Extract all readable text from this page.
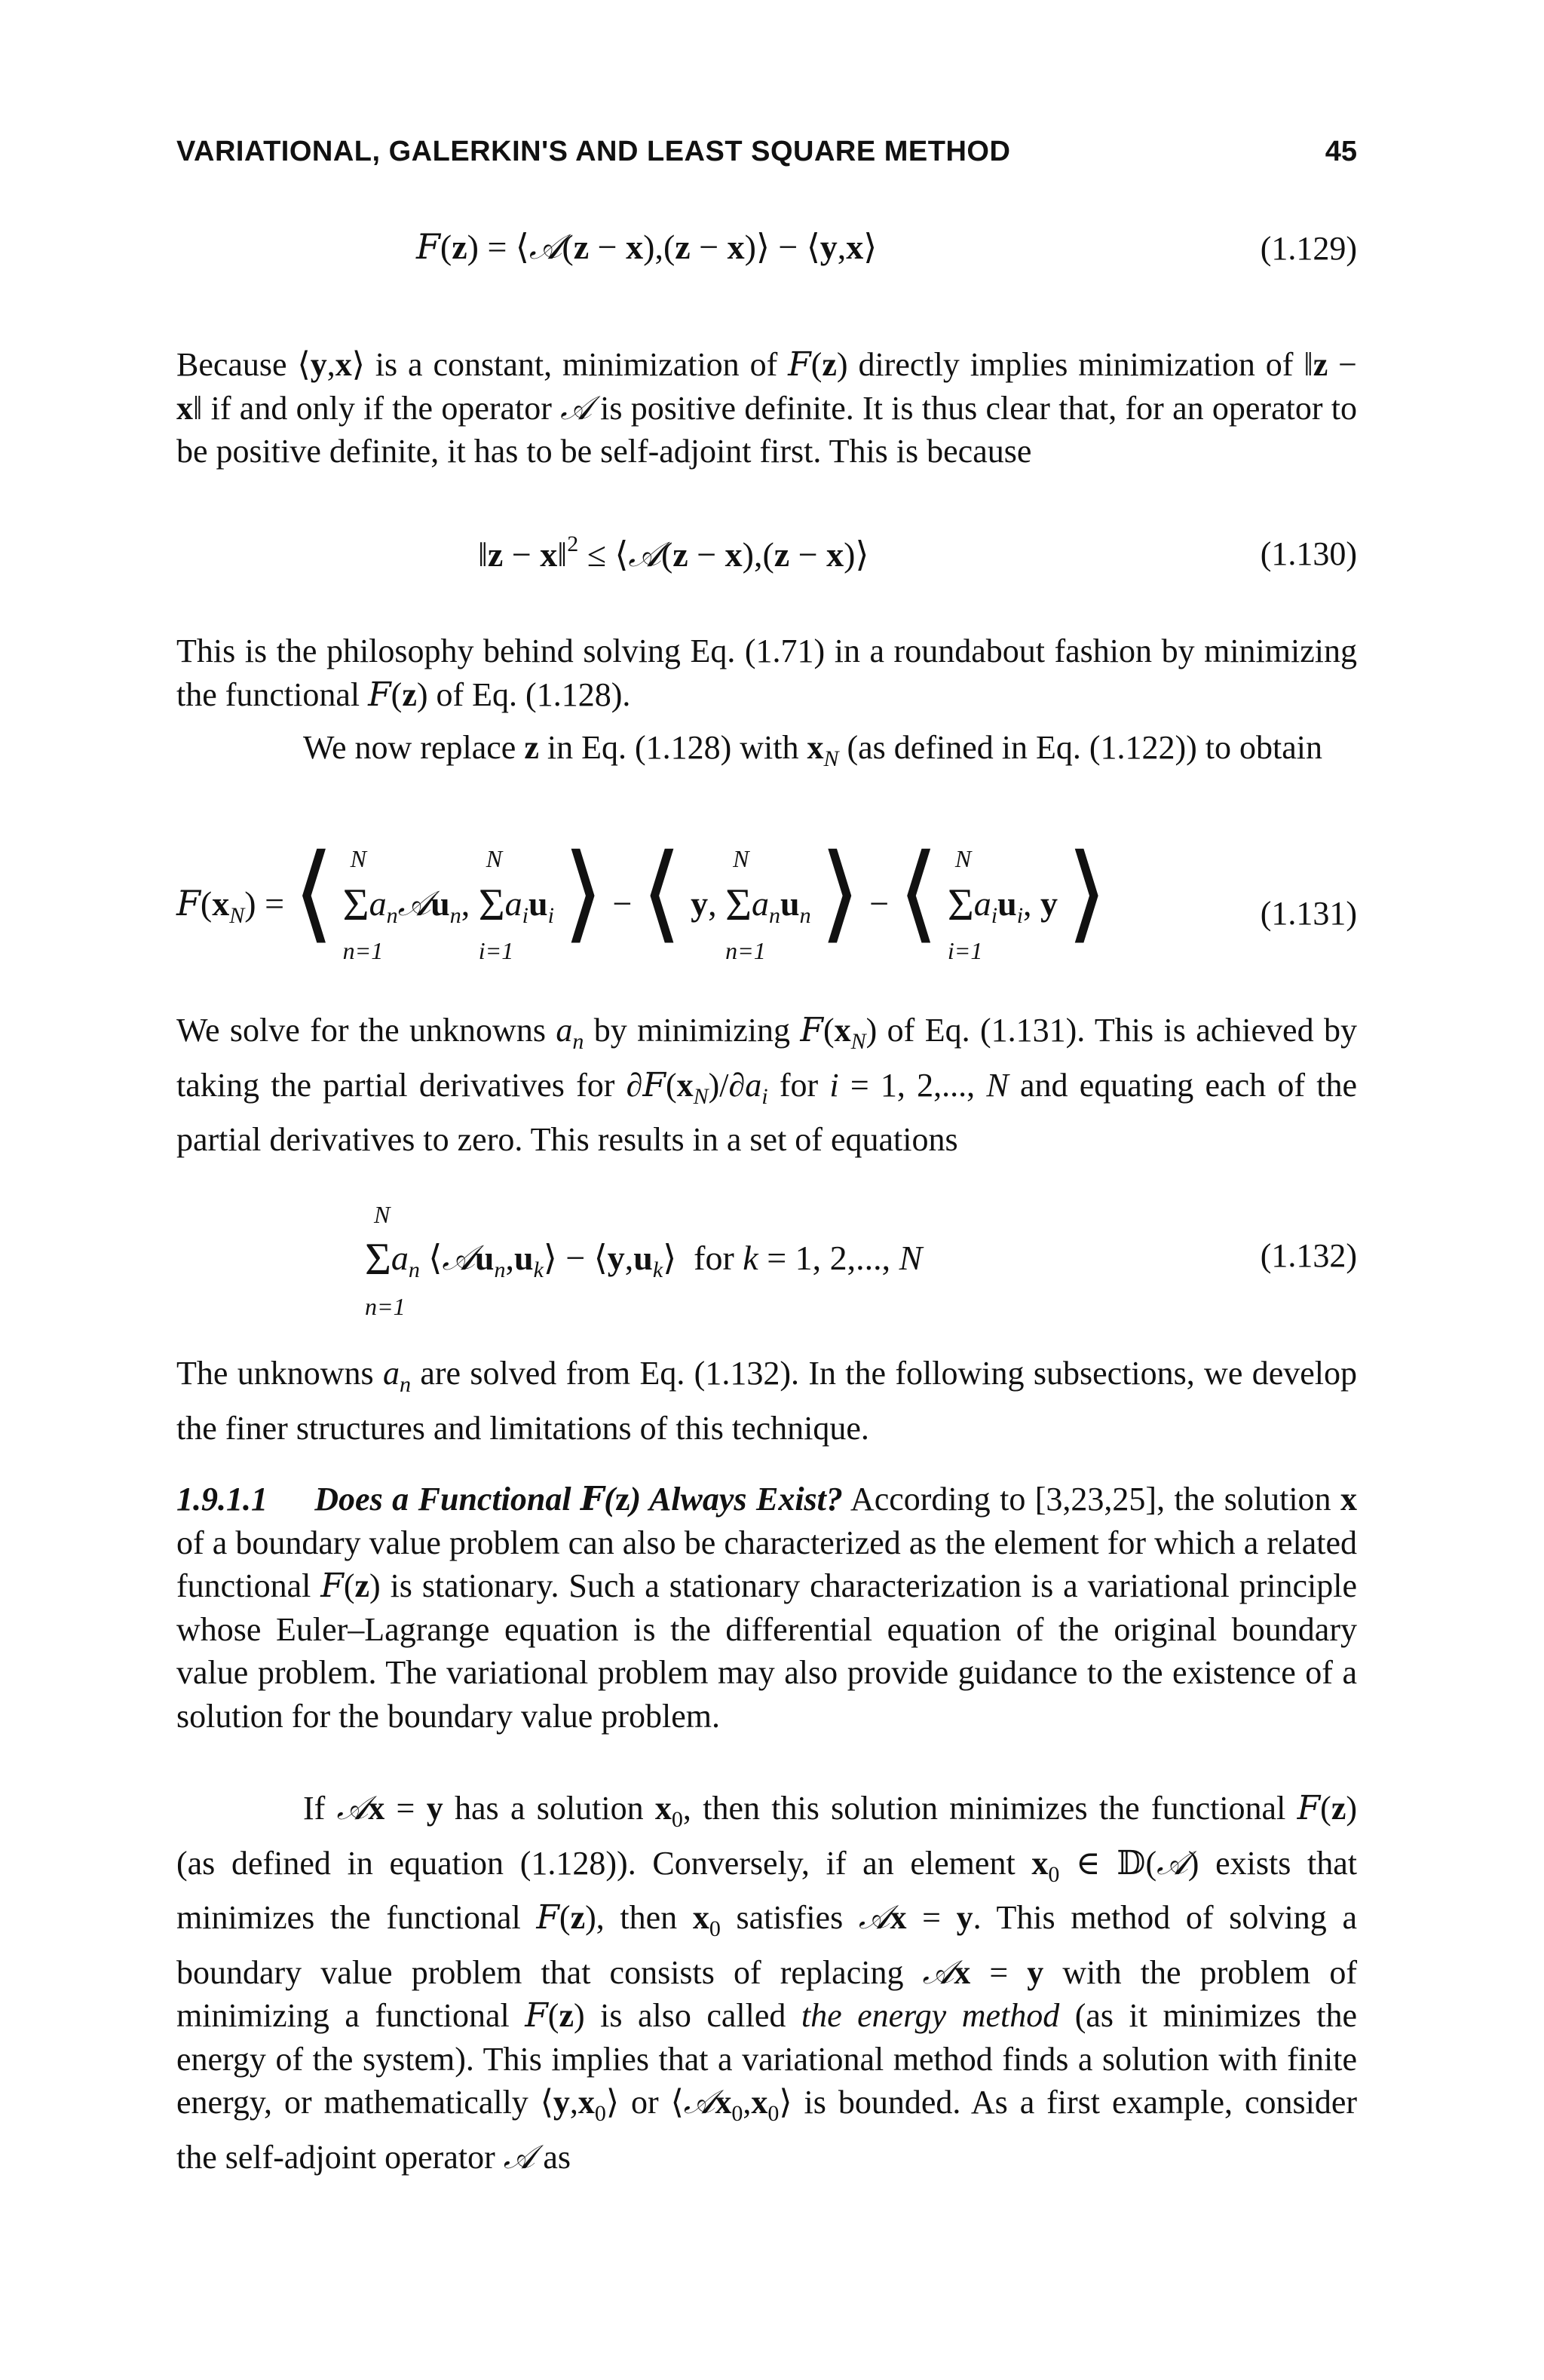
VARIATIONAL, GALERKIN'S AND LEAST SQUARE METHOD	45
F(z) = ⟨𝒜(z − x),(z − x)⟩ − ⟨y,x⟩	(1.129)

Because ⟨y,x⟩ is a constant, minimization of F(z) directly implies minimization of ‖z − x‖ if and only if the operator 𝒜 is positive definite. It is thus clear that, for an operator to be positive definite, it has to be self-adjoint first. This is because

‖z − x‖$^2$ ≤ ⟨𝒜(z − x),(z − x)⟩	(1.130)

This is the philosophy behind solving Eq. (1.71) in a roundabout fashion by minimizing the functional F(z) of Eq. (1.128).

We now replace z in Eq. (1.128) with $x_N$ (as defined in Eq. (1.122)) to obtain

$F(x_N)$ = ⟨ N
n=1
$\Sigma a_n𝒜u_n$,
N
i=1
$\Sigma a_iu_i$ ⟩ − ⟨ y,
N
n=1
$\Sigma a_nu_n$ ⟩ − ⟨ N
i=1
$\Sigma a_iu_i$, y ⟩	(1.131)

We solve for the unknowns $a_n$ by minimizing $F(x_N)$ of Eq. (1.131). This is achieved by taking the partial derivatives for $\partial F(x_N)/\partial a_i$ for i = 1, 2,..., N and equating each of the partial derivatives to zero. This results in a set of equations

N
n=1
$\Sigma a_n$ $⟨𝒜u_n,u_k⟩$ − $⟨y,u_k⟩$  for k = 1, 2,..., N	(1.132)

The unknowns $a_n$ are solved from Eq. (1.132). In the following subsections, we develop the finer structures and limitations of this technique.

1.9.1.1 Does a Functional F(z) Always Exist? According to [3,23,25], the solution x of a boundary value problem can also be characterized as the element for which a related functional F(z) is stationary. Such a stationary characterization is a variational principle whose Euler–Lagrange equation is the differential equation of the original boundary value problem. The variational problem may also provide guidance to the existence of a solution for the boundary value problem.

If 𝒜x = y has a solution $x_0$, then this solution minimizes the functional F(z) (as defined in equation (1.128)). Conversely, if an element $x_0$ ∈ 𝔻(𝒜) exists that minimizes the functional F(z), then $x_0$ satisfies 𝒜x = y. This method of solving a boundary value problem that consists of replacing 𝒜x = y with the problem of minimizing a functional F(z) is also called the energy method (as it minimizes the energy of the system). This implies that a variational method finds a solution with finite energy, or mathematically $⟨y,x_0⟩$ or $⟨𝒜x_0,x_0⟩$ is bounded. As a first example, consider the self-adjoint operator 𝒜 as
